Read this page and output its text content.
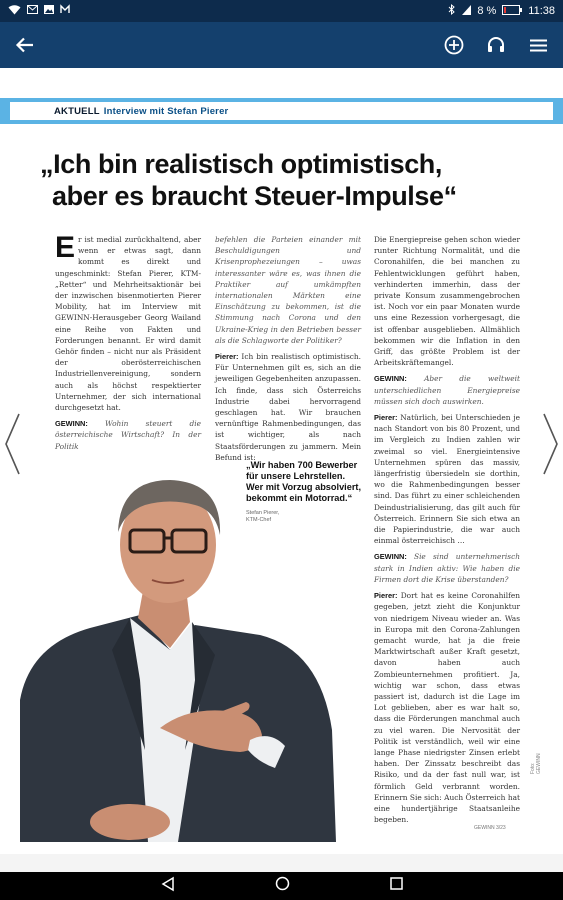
8 %	11:38
AKTUELL Interview mit Stefan Pierer
„Ich bin realistisch optimistisch,
aber es braucht Steuer-Impulse“

Er ist medial zurückhaltend, aber wenn er etwas sagt, dann kommt es direkt und ungeschminkt: Stefan Pierer, KTM-„Retter“ und Mehrheitsaktionär bei der inzwischen bisenmotierten Pierer Mobility, hat im Interview mit GEWINN-Herausgeber Georg Wailand eine Reihe von Fakten und Forderungen benannt. Er wird damit Gehör finden – nicht nur als Präsident der oberösterreichischen Industriellenvereinigung, sondern auch als höchst respektierter Unternehmer, der sich international durchgesetzt hat.

GEWINN: Wohin steuert die österreichische Wirtschaft? In der Politik

befehlen die Parteien einander mit Beschuldigungen und Krisenprophezeiungen – uwas interessanter wäre es, was ihnen die Praktiker auf umkämpften internationalen Märkten eine Einschätzung zu bekommen, ist die Stimmung nach Corona und den Ukraine-Krieg in den Betrieben besser als die Schlagworte der Politiker?

Pierer: Ich bin realistisch optimistisch. Für Unternehmen gilt es, sich an die jeweiligen Gegebenheiten anzupassen. Ich finde, dass sich Österreichs Industrie dabei hervorragend geschlagen hat. Wir brauchen vernünftige Rahmenbedingungen, das ist wichtiger, als nach Staatsförderungen zu jammern. Mein Befund ist:

Die Energiepreise gehen schon wieder runter Richtung Normalität, und die Coronahilfen, die bei manchen zu Fehlentwicklungen geführt haben, verhinderten immerhin, dass der private Konsum zusammengebrochen ist. Noch vor ein paar Monaten wurde uns eine Rezession vorhergesagt, die ist offenbar ausgeblieben. Allmählich bekommen wir die Inflation in den Griff, das größte Problem ist der Arbeitskräftemangel.

GEWINN: Aber die weltweit unterschiedlichen Energiepreise müssen sich doch auswirken.

Pierer: Natürlich, bei Unterschieden je nach Standort von bis 80 Prozent, und im Vergleich zu Indien zahlen wir zweimal so viel. Energieintensive Unternehmen spüren das massiv, längerfristig übersiedeln sie dorthin, wo die Rahmenbedingungen besser sind. Das führt zu einer schleichenden Deindustrialisierung, das gilt auch für Österreich. Erinnern Sie sich etwa an die Papierindustrie, die war auch einmal österreichisch …

GEWINN: Sie sind unternehmerisch stark in Indien aktiv: Wie haben die Firmen dort die Krise überstanden?

Pierer: Dort hat es keine Coronahilfen gegeben, jetzt zieht die Konjunktur von niedrigem Niveau wieder an. Was in Europa mit den Corona-Zahlungen gemacht wurde, hat ja die freie Marktwirtschaft außer Kraft gesetzt, davon haben auch Zombieunternehmen profitiert. Ja, wichtig war schon, dass etwas passiert ist, dadurch ist die Lage im Lot geblieben, aber es war halt so, dass die Förderungen manchmal auch zu viel waren. Die Nervosität der Politik ist verständlich, weil wir eine lange Phase niedrigster Zinsen erlebt haben. Der Zinssatz beschreibt das Risiko, und da der fast null war, ist förmlich Geld verbrannt worden. Erinnern Sie sich: Auch Österreich hat eine hundertjährige Staatsanleihe begeben.

„Wir haben 700 Bewerber für unsere Lehrstellen. Wer mit Vorzug absolviert, bekommt ein Motorrad.“
Stefan Pierer,
KTM-Chef
Foto: GEWINN
GEWINN 3/23
